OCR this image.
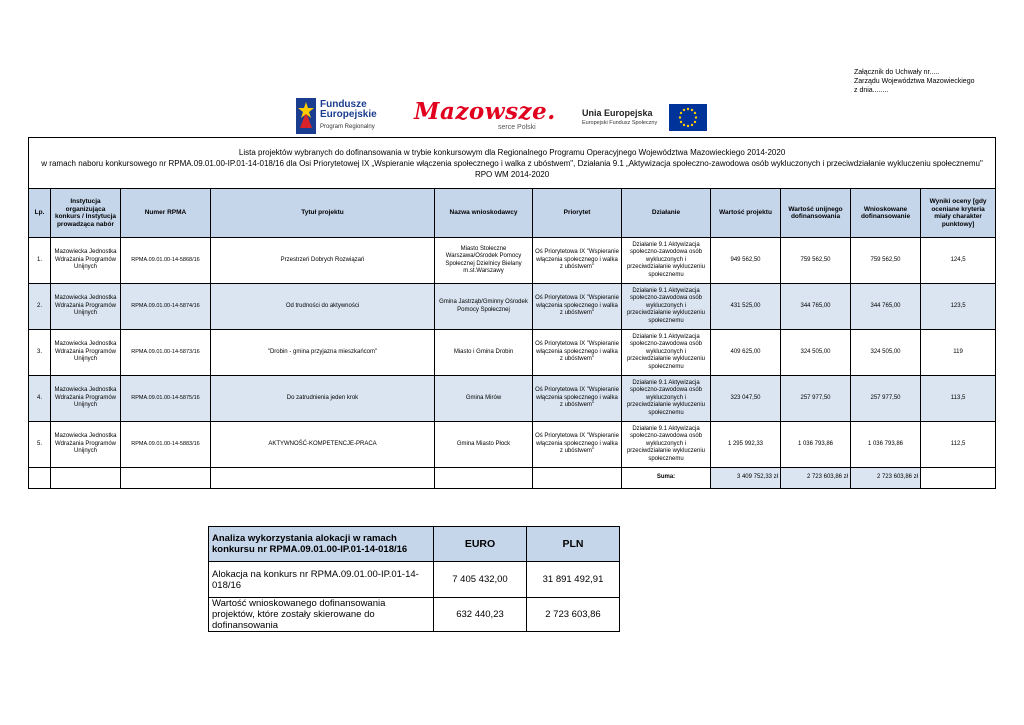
Załącznik do Uchwały nr.....
Zarządu Województwa Mazowieckiego
z dnia........
Fundusze
Europejskie
Program Regionalny
Mazowsze.
serce Polski
Unia Europejska
Europejski Fundusz Społeczny
Lista projektów wybranych do dofinansowania w trybie konkursowym dla Regionalnego Programu Operacyjnego Województwa Mazowieckiego 2014-2020
w ramach naboru konkursowego nr RPMA.09.01.00-IP.01-14-018/16 dla Osi Priorytetowej IX „Wspieranie włączenia społecznego i walka z ubóstwem", Działania 9.1 „Aktywizacja społeczno-zawodowa osób wykluczonych i przeciwdziałanie wykluczeniu społecznemu"
RPO WM 2014-2020										

Lp.	Instytucja organizująca konkurs / Instytucja prowadząca nabór	Numer RPMA	Tytuł projektu	Nazwa wnioskodawcy	Priorytet	Działanie	Wartość projektu	Wartość unijnego dofinansowania	Wnioskowane dofinansowanie	Wyniki oceny [gdy oceniane kryteria miały charakter punktowy]
1.	Mazowiecka Jednostka Wdrażania Programów Unijnych	RPMA.09.01.00-14-5868/16	Przestrzeń Dobrych Rozwiązań	Miasto Stołeczne Warszawa/Ośrodek Pomocy Społecznej Dzielnicy Bielany m.st.Warszawy	Oś Priorytetowa IX "Wspieranie włączenia społecznego i walka z ubóstwem"	Działanie 9.1 Aktywizacja społeczno-zawodowa osób wykluczonych i przeciwdziałanie wykluczeniu społecznemu	949 562,50	759 562,50	759 562,50	124,5
2.	Mazowiecka Jednostka Wdrażania Programów Unijnych	RPMA.09.01.00-14-5874/16	Od trudności do aktywności	Gmina Jastrząb/Gminny Ośrodek Pomocy Społecznej	Oś Priorytetowa IX "Wspieranie włączenia społecznego i walka z ubóstwem"	Działanie 9.1 Aktywizacja społeczno-zawodowa osób wykluczonych i przeciwdziałanie wykluczeniu społecznemu	431 525,00	344 765,00	344 765,00	123,5
3.	Mazowiecka Jednostka Wdrażania Programów Unijnych	RPMA.09.01.00-14-5873/16	"Drobin - gmina przyjazna mieszkańcom"	Miasto i Gmina Drobin	Oś Priorytetowa IX "Wspieranie włączenia społecznego i walka z ubóstwem"	Działanie 9.1 Aktywizacja społeczno-zawodowa osób wykluczonych i przeciwdziałanie wykluczeniu społecznemu	409 625,00	324 505,00	324 505,00	119
4.	Mazowiecka Jednostka Wdrażania Programów Unijnych	RPMA.09.01.00-14-5875/16	Do zatrudnienia jeden krok	Gmina Mirów	Oś Priorytetowa IX "Wspieranie włączenia społecznego i walka z ubóstwem"	Działanie 9.1 Aktywizacja społeczno-zawodowa osób wykluczonych i przeciwdziałanie wykluczeniu społecznemu	323 047,50	257 977,50	257 977,50	113,5
5.	Mazowiecka Jednostka Wdrażania Programów Unijnych	RPMA.09.01.00-14-5883/16	AKTYWNOŚĆ-KOMPETENCJE-PRACA	Gmina Miasto Płock	Oś Priorytetowa IX "Wspieranie włączenia społecznego i walka z ubóstwem"	Działanie 9.1 Aktywizacja społeczno-zawodowa osób wykluczonych i przeciwdziałanie wykluczeniu społecznemu	1 295 992,33	1 036 793,86	1 036 793,86	112,5
						Suma:	3 409 752,33 zł	2 723 603,86 zł	2 723 603,86 zł	
Analiza wykorzystania alokacji w ramach konkursu nr RPMA.09.01.00-IP.01-14-018/16	EURO	PLN
Alokacja na konkurs nr RPMA.09.01.00-IP.01-14-018/16	7 405 432,00	31 891 492,91
Wartość wnioskowanego dofinansowania projektów, które zostały skierowane do dofinansowania	632 440,23	2 723 603,86
